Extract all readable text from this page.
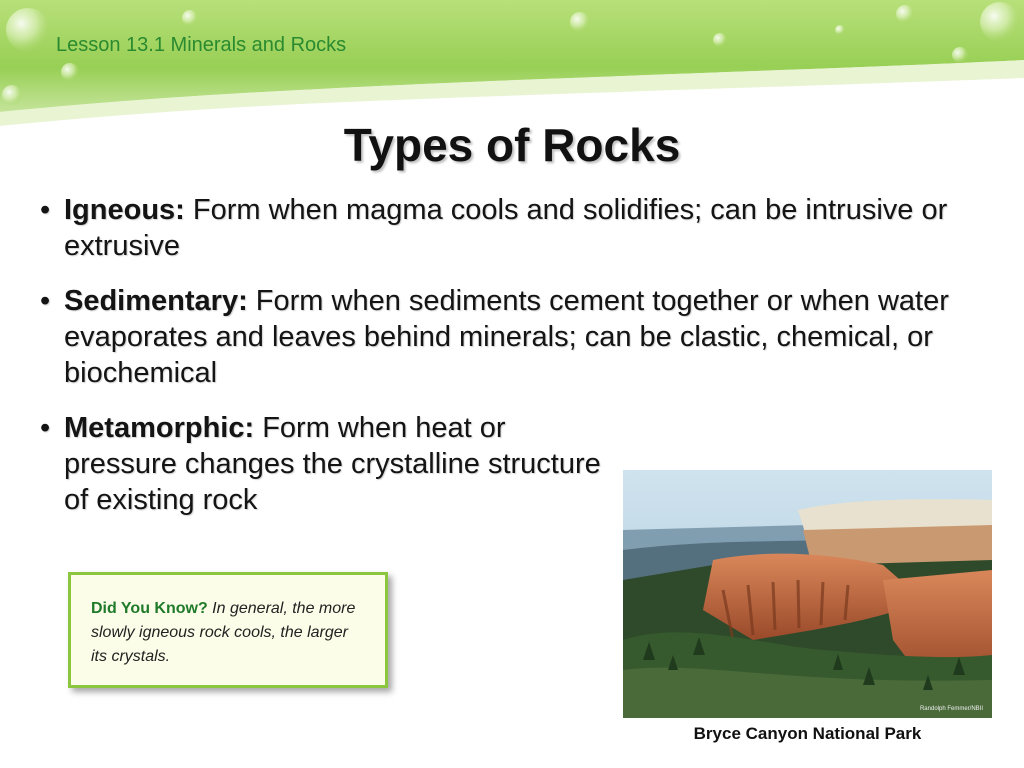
Lesson 13.1 Minerals and Rocks
Types of Rocks
• Igneous: Form when magma cools and solidifies; can be intrusive or extrusive
• Sedimentary: Form when sediments cement together or when water evaporates and leaves behind minerals; can be clastic, chemical, or biochemical
• Metamorphic: Form when heat or pressure changes the crystalline structure of existing rock
Did You Know? In general, the more slowly igneous rock cools, the larger its crystals.
Randolph Femmer/NBII
Bryce Canyon National Park
